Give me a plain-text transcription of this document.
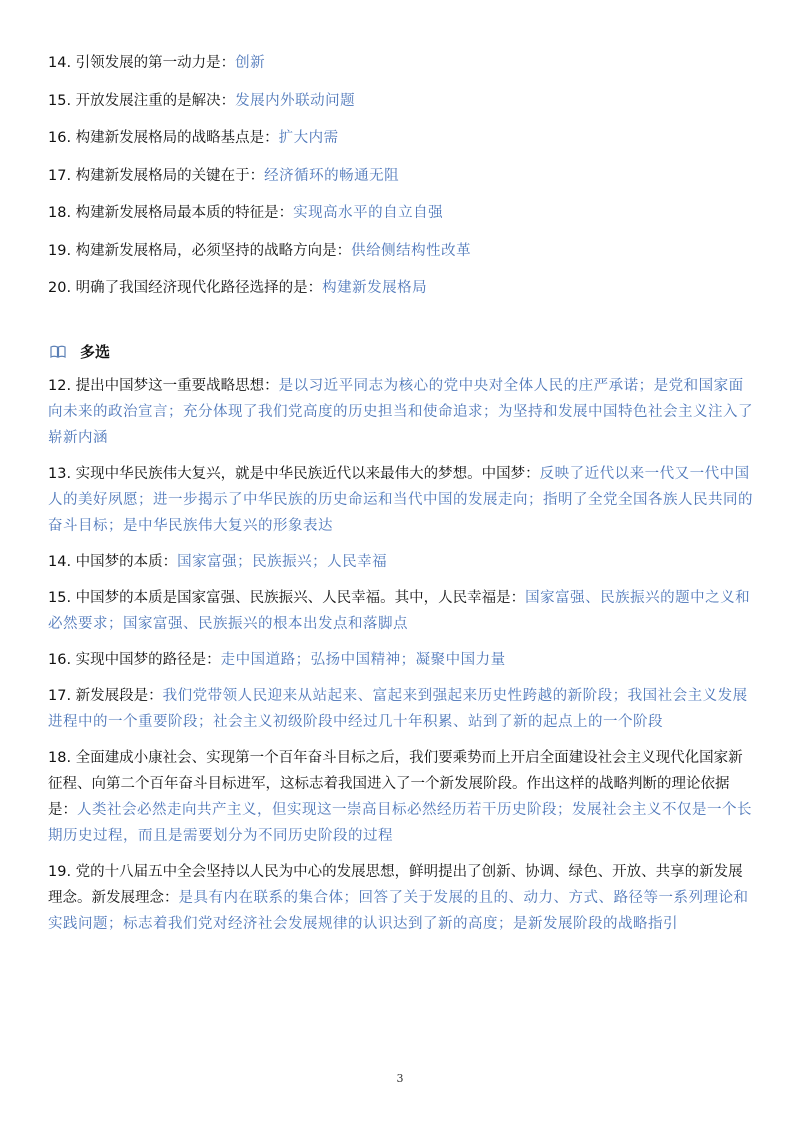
14. 引领发展的第一动力是：创新

15. 开放发展注重的是解决：发展内外联动问题

16. 构建新发展格局的战略基点是：扩大内需

17. 构建新发展格局的关键在于：经济循环的畅通无阻

18. 构建新发展格局最本质的特征是：实现高水平的自立自强

19. 构建新发展格局，必须坚持的战略方向是：供给侧结构性改革

20. 明确了我国经济现代化路径选择的是：构建新发展格局

多选

12. 提出中国梦这一重要战略思想：是以习近平同志为核心的党中央对全体人民的庄严承诺；是党和国家面向未来的政治宣言；充分体现了我们党高度的历史担当和使命追求；为坚持和发展中国特色社会主义注入了崭新内涵

13. 实现中华民族伟大复兴，就是中华民族近代以来最伟大的梦想。中国梦：反映了近代以来一代又一代中国人的美好夙愿；进一步揭示了中华民族的历史命运和当代中国的发展走向；指明了全党全国各族人民共同的奋斗目标；是中华民族伟大复兴的形象表达

14. 中国梦的本质：国家富强；民族振兴；人民幸福

15. 中国梦的本质是国家富强、民族振兴、人民幸福。其中，人民幸福是：国家富强、民族振兴的题中之义和必然要求；国家富强、民族振兴的根本出发点和落脚点

16. 实现中国梦的路径是：走中国道路；弘扬中国精神；凝聚中国力量

17. 新发展段是：我们党带领人民迎来从站起来、富起来到强起来历史性跨越的新阶段；我国社会主义发展进程中的一个重要阶段；社会主义初级阶段中经过几十年积累、站到了新的起点上的一个阶段

18. 全面建成小康社会、实现第一个百年奋斗目标之后，我们要乘势而上开启全面建设社会主义现代化国家新征程、向第二个百年奋斗目标进军，这标志着我国进入了一个新发展阶段。作出这样的战略判断的理论依据是：人类社会必然走向共产主义，但实现这一崇高目标必然经历若干历史阶段；发展社会主义不仅是一个长期历史过程，而且是需要划分为不同历史阶段的过程

19. 党的十八届五中全会坚持以人民为中心的发展思想，鲜明提出了创新、协调、绿色、开放、共享的新发展理念。新发展理念：是具有内在联系的集合体；回答了关于发展的且的、动力、方式、路径等一系列理论和实践问题；标志着我们党对经济社会发展规律的认识达到了新的高度；是新发展阶段的战略指引

3
